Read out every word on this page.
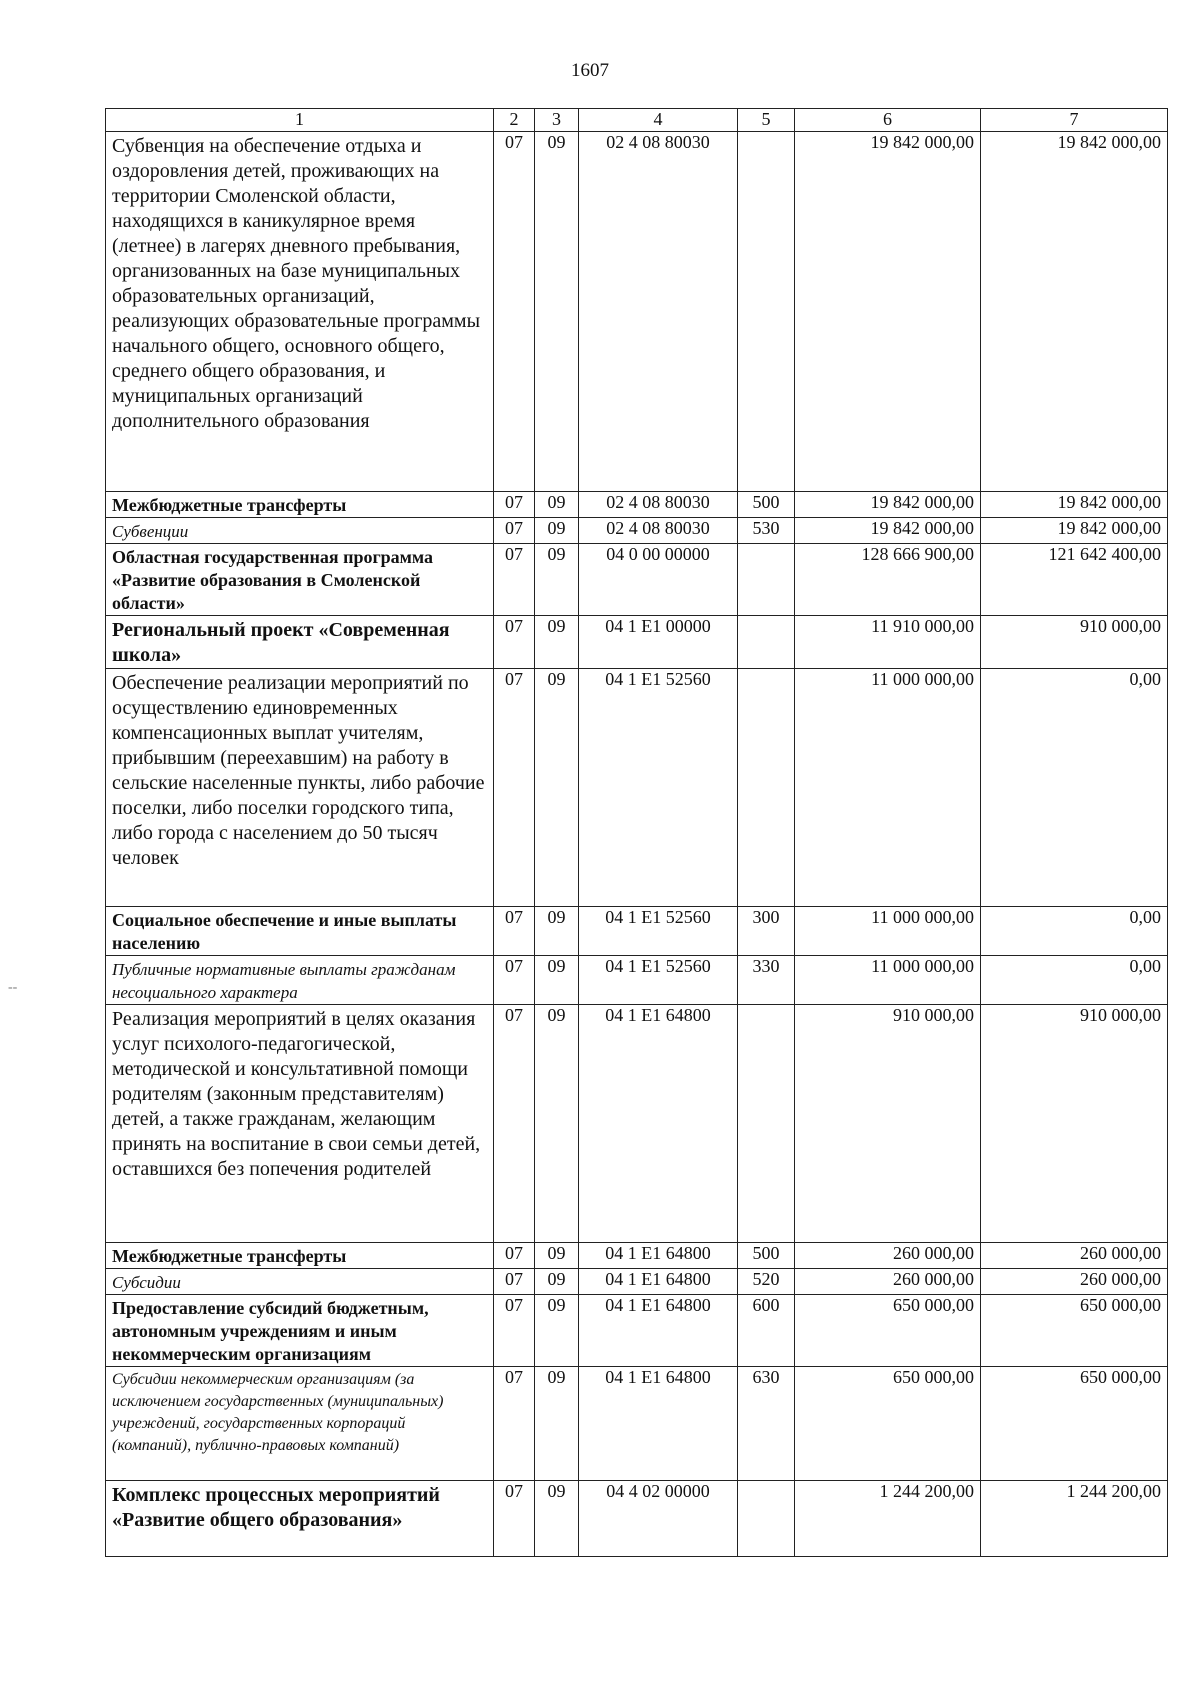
1607
--
1	2	3	4	5	6	7
Субвенция на обеспечение отдыха и оздоровления детей, проживающих на территории Смоленской области, находящихся в каникулярное время (летнее) в лагерях дневного пребывания, организованных на базе муниципальных образовательных организаций, реализующих образовательные программы начального общего, основного общего, среднего общего образования, и муниципальных организаций дополнительного образования	07	09	02 4 08 80030		19 842 000,00	19 842 000,00
Межбюджетные трансферты	07	09	02 4 08 80030	500	19 842 000,00	19 842 000,00
Субвенции	07	09	02 4 08 80030	530	19 842 000,00	19 842 000,00
Областная государственная программа «Развитие образования в Смоленской области»	07	09	04 0 00 00000		128 666 900,00	121 642 400,00
Региональный проект «Современная школа»	07	09	04 1 E1 00000		11 910 000,00	910 000,00
Обеспечение реализации мероприятий по осуществлению единовременных компенсационных выплат учителям, прибывшим (переехавшим) на работу в сельские населенные пункты, либо рабочие поселки, либо поселки городского типа, либо города с населением до 50 тысяч человек	07	09	04 1 E1 52560		11 000 000,00	0,00
Социальное обеспечение и иные выплаты населению	07	09	04 1 E1 52560	300	11 000 000,00	0,00
Публичные нормативные выплаты гражданам несоциального характера	07	09	04 1 E1 52560	330	11 000 000,00	0,00
Реализация мероприятий в целях оказания услуг психолого-педагогической, методической и консультативной помощи родителям (законным представителям) детей, а также гражданам, желающим принять на воспитание в свои семьи детей, оставшихся без попечения родителей	07	09	04 1 E1 64800		910 000,00	910 000,00
Межбюджетные трансферты	07	09	04 1 E1 64800	500	260 000,00	260 000,00
Субсидии	07	09	04 1 E1 64800	520	260 000,00	260 000,00
Предоставление субсидий бюджетным, автономным учреждениям и иным некоммерческим организациям	07	09	04 1 E1 64800	600	650 000,00	650 000,00
Субсидии некоммерческим организациям (за исключением государственных (муниципальных) учреждений, государственных корпораций (компаний), публично-правовых компаний)	07	09	04 1 E1 64800	630	650 000,00	650 000,00
Комплекс процессных мероприятий «Развитие общего образования»	07	09	04 4 02 00000		1 244 200,00	1 244 200,00
